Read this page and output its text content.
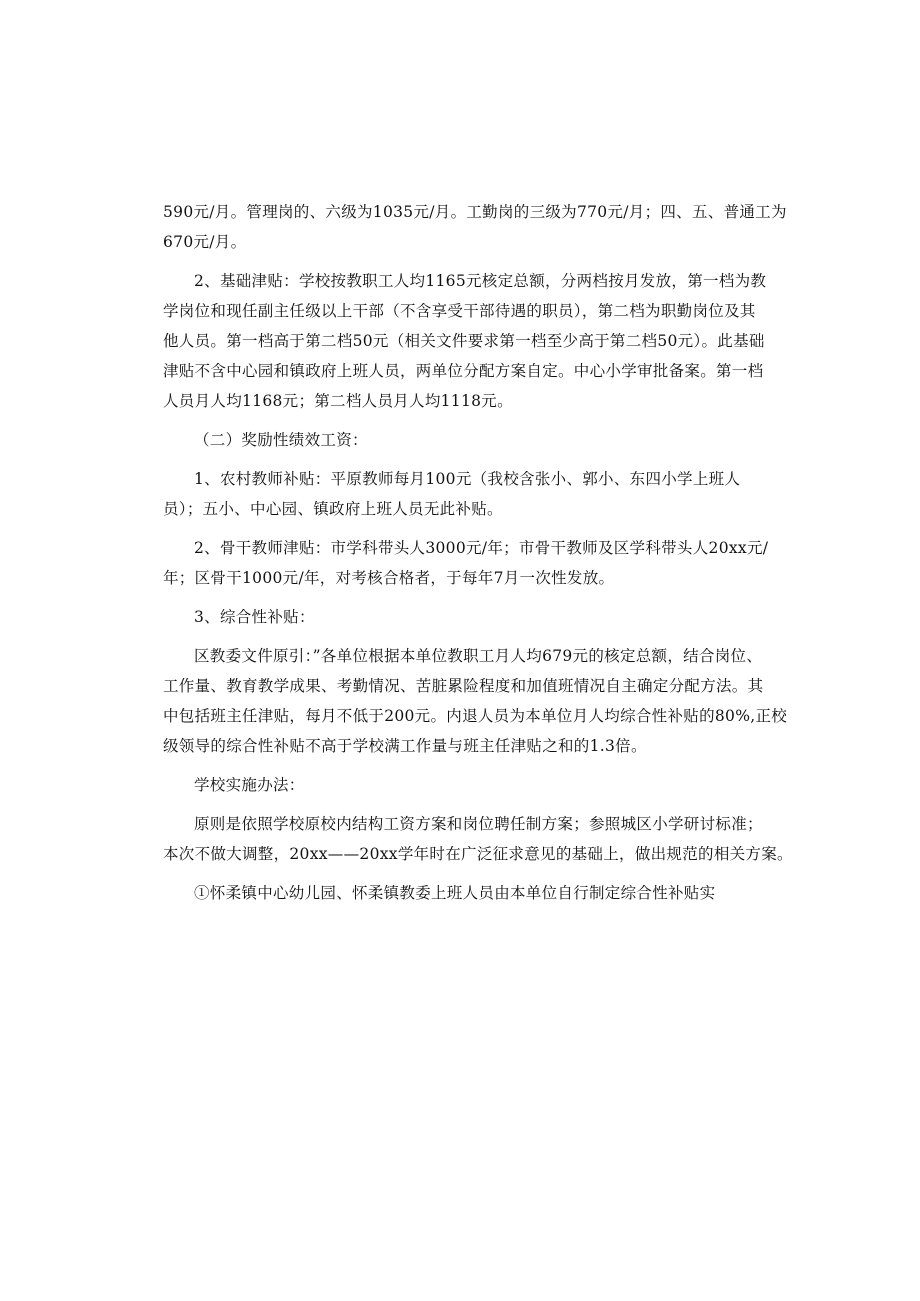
590元/月。管理岗的、六级为1035元/月。工勤岗的三级为770元/月；四、五、普通工为
670元/月。

2、基础津贴：学校按教职工人均1165元核定总额，分两档按月发放，第一档为教
学岗位和现任副主任级以上干部（不含享受干部待遇的职员），第二档为职勤岗位及其
他人员。第一档高于第二档50元（相关文件要求第一档至少高于第二档50元）。此基础
津贴不含中心园和镇政府上班人员，两单位分配方案自定。中心小学审批备案。第一档
人员月人均1168元；第二档人员月人均1118元。

（二）奖励性绩效工资：

1、农村教师补贴：平原教师每月100元（我校含张小、郭小、东四小学上班人
员）；五小、中心园、镇政府上班人员无此补贴。

2、骨干教师津贴：市学科带头人3000元/年；市骨干教师及区学科带头人20xx元/
年；区骨干1000元/年，对考核合格者，于每年7月一次性发放。

3、综合性补贴：

区教委文件原引：”各单位根据本单位教职工月人均679元的核定总额，结合岗位、
工作量、教育教学成果、考勤情况、苦脏累险程度和加值班情况自主确定分配方法。其
中包括班主任津贴，每月不低于200元。内退人员为本单位月人均综合性补贴的80%,正校
级领导的综合性补贴不高于学校满工作量与班主任津贴之和的1.3倍。

学校实施办法：

原则是依照学校原校内结构工资方案和岗位聘任制方案；参照城区小学研讨标准；
本次不做大调整，20xx——20xx学年时在广泛征求意见的基础上，做出规范的相关方案。

①怀柔镇中心幼儿园、怀柔镇教委上班人员由本单位自行制定综合性补贴实
